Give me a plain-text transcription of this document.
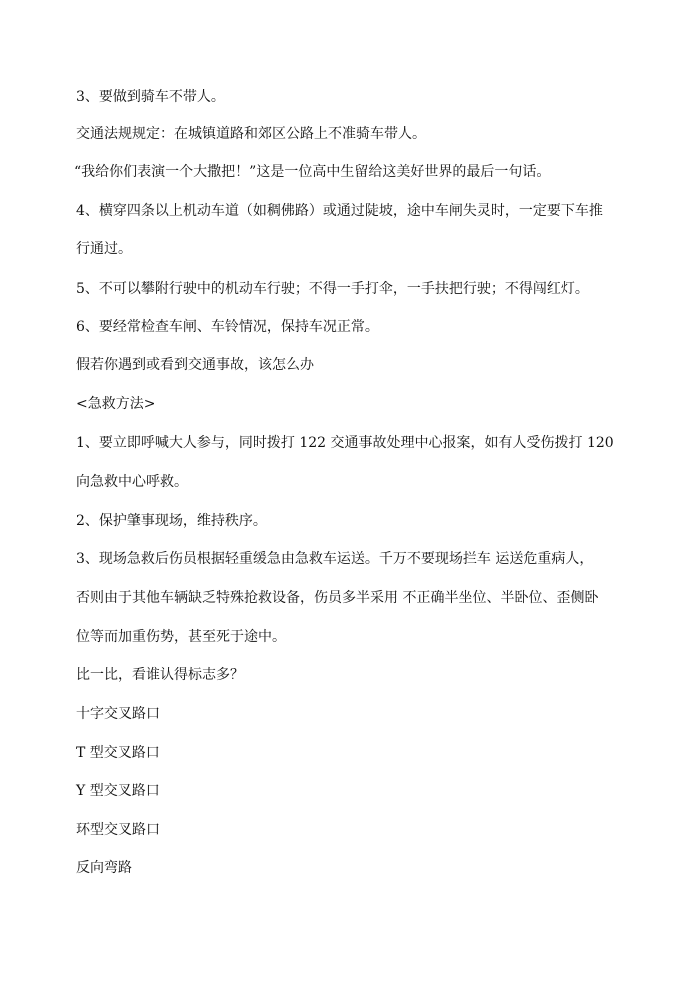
3、要做到骑车不带人。
交通法规规定：在城镇道路和郊区公路上不准骑车带人。
“我给你们表演一个大撒把！”这是一位高中生留给这美好世界的最后一句话。
4、横穿四条以上机动车道（如稠佛路）或通过陡坡，途中车闸失灵时，一定要下车推
行通过。
5、不可以攀附行驶中的机动车行驶；不得一手打伞，一手扶把行驶；不得闯红灯。
6、要经常检查车闸、车铃情况，保持车况正常。
假若你遇到或看到交通事故，该怎么办
<急救方法>
1、要立即呼喊大人参与，同时拨打 122 交通事故处理中心报案，如有人受伤拨打 120
向急救中心呼救。
2、保护肇事现场，维持秩序。
3、现场急救后伤员根据轻重缓急由急救车运送。千万不要现场拦车 运送危重病人，
否则由于其他车辆缺乏特殊抢救设备，伤员多半采用 不正确半坐位、半卧位、歪侧卧
位等而加重伤势，甚至死于途中。
比一比，看谁认得标志多？
十字交叉路口
T 型交叉路口
Y 型交叉路口
环型交叉路口
反向弯路
